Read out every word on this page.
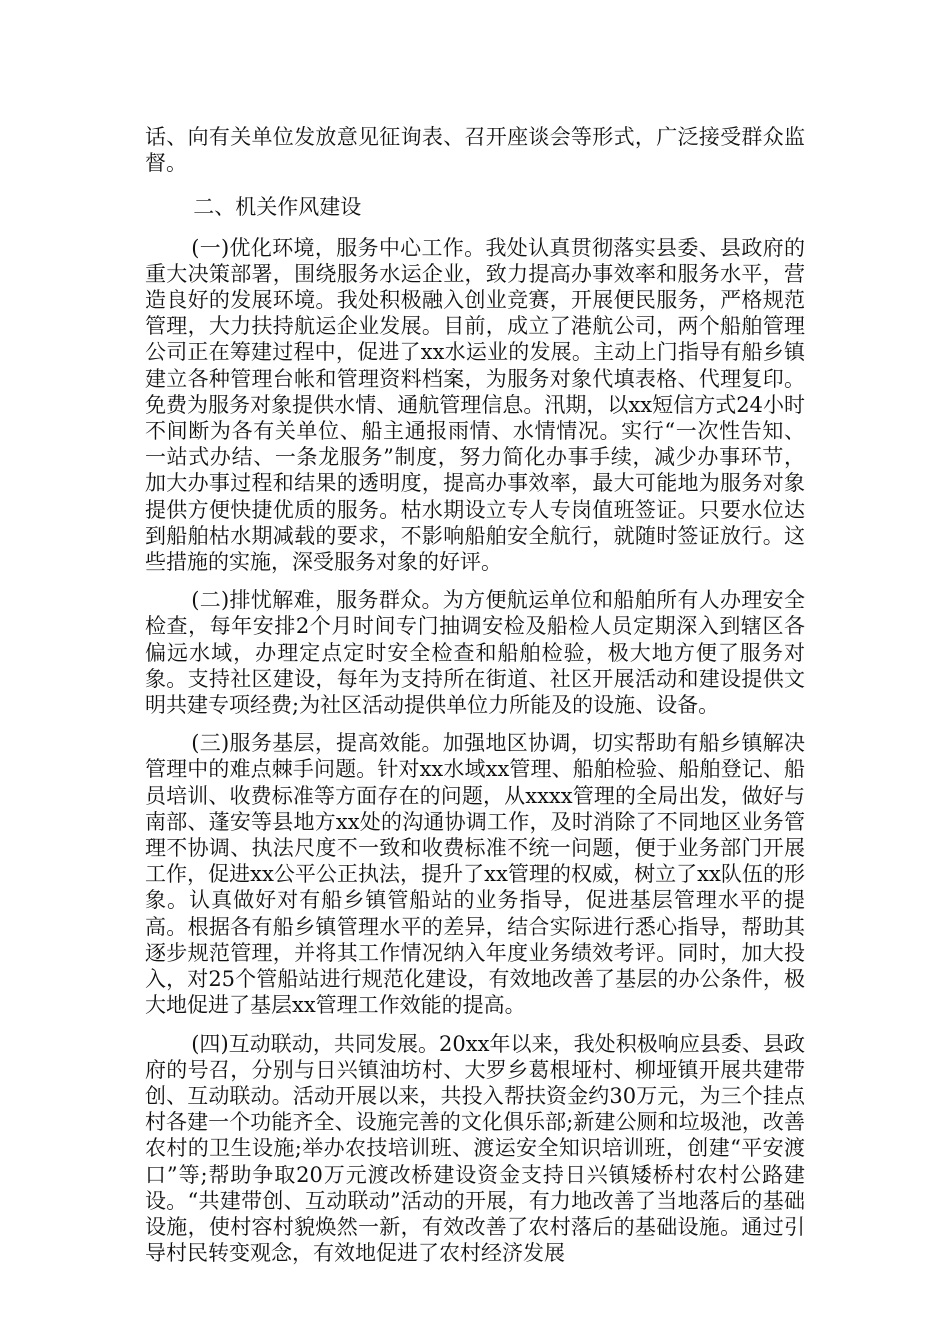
话、向有关单位发放意见征询表、召开座谈会等形式，广泛接受群众监督。

二、机关作风建设

(一)优化环境，服务中心工作。我处认真贯彻落实县委、县政府的重大决策部署，围绕服务水运企业，致力提高办事效率和服务水平，营造良好的发展环境。我处积极融入创业竞赛，开展便民服务，严格规范管理，大力扶持航运企业发展。目前，成立了港航公司，两个船舶管理公司正在筹建过程中，促进了xx水运业的发展。主动上门指导有船乡镇建立各种管理台帐和管理资料档案，为服务对象代填表格、代理复印。免费为服务对象提供水情、通航管理信息。汛期，以xx短信方式24小时不间断为各有关单位、船主通报雨情、水情情况。实行“一次性告知、一站式办结、一条龙服务”制度，努力简化办事手续，减少办事环节，加大办事过程和结果的透明度，提高办事效率，最大可能地为服务对象提供方便快捷优质的服务。枯水期设立专人专岗值班签证。只要水位达到船舶枯水期减载的要求，不影响船舶安全航行，就随时签证放行。这些措施的实施，深受服务对象的好评。

(二)排忧解难，服务群众。为方便航运单位和船舶所有人办理安全检查，每年安排2个月时间专门抽调安检及船检人员定期深入到辖区各偏远水域，办理定点定时安全检查和船舶检验，极大地方便了服务对象。支持社区建设，每年为支持所在街道、社区开展活动和建设提供文明共建专项经费;为社区活动提供单位力所能及的设施、设备。

(三)服务基层，提高效能。加强地区协调，切实帮助有船乡镇解决管理中的难点棘手问题。针对xx水域xx管理、船舶检验、船舶登记、船员培训、收费标准等方面存在的问题，从xxxx管理的全局出发，做好与南部、蓬安等县地方xx处的沟通协调工作，及时消除了不同地区业务管理不协调、执法尺度不一致和收费标准不统一问题，便于业务部门开展工作，促进xx公平公正执法，提升了xx管理的权威，树立了xx队伍的形象。认真做好对有船乡镇管船站的业务指导，促进基层管理水平的提高。根据各有船乡镇管理水平的差异，结合实际进行悉心指导，帮助其逐步规范管理，并将其工作情况纳入年度业务绩效考评。同时，加大投入，对25个管船站进行规范化建设，有效地改善了基层的办公条件，极大地促进了基层xx管理工作效能的提高。

(四)互动联动，共同发展。20xx年以来，我处积极响应县委、县政府的号召，分别与日兴镇油坊村、大罗乡葛根垭村、柳垭镇开展共建带创、互动联动。活动开展以来，共投入帮扶资金约30万元，为三个挂点村各建一个功能齐全、设施完善的文化俱乐部;新建公厕和垃圾池，改善农村的卫生设施;举办农技培训班、渡运安全知识培训班，创建“平安渡口”等;帮助争取20万元渡改桥建设资金支持日兴镇矮桥村农村公路建设。“共建带创、互动联动”活动的开展，有力地改善了当地落后的基础设施，使村容村貌焕然一新，有效改善了农村落后的基础设施。通过引导村民转变观念，有效地促进了农村经济发展
